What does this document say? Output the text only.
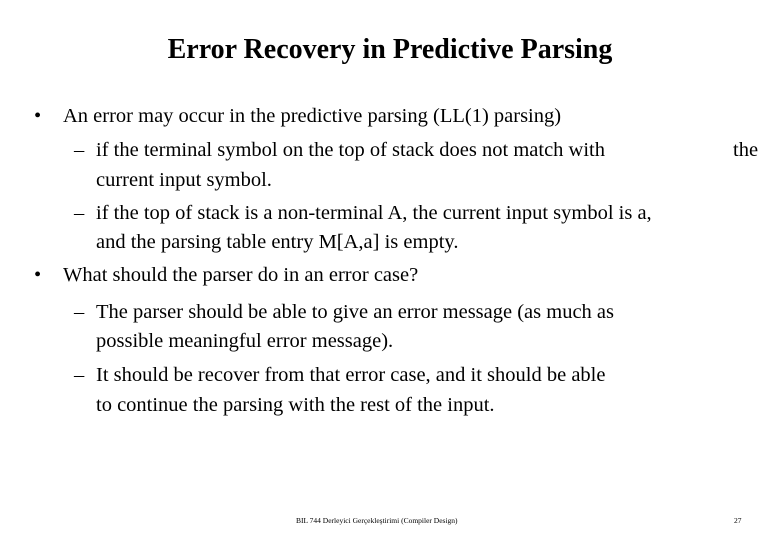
Error Recovery in Predictive Parsing
• An error may occur in the predictive parsing (LL(1) parsing)
– if the terminal symbol on the top of stack does not match with	the
current input symbol.
– if the top of stack is a non-terminal A, the current input symbol is a,
and the parsing table entry M[A,a] is empty.
• What should the parser do in an error case?
– The parser should be able to give an error message (as much as
possible meaningful error message).
– It should be recover from that error case, and it should be able
to continue the parsing with the rest of the input.
BIL 744 Derleyici Gerçekleştirimi (Compiler Design)	27
